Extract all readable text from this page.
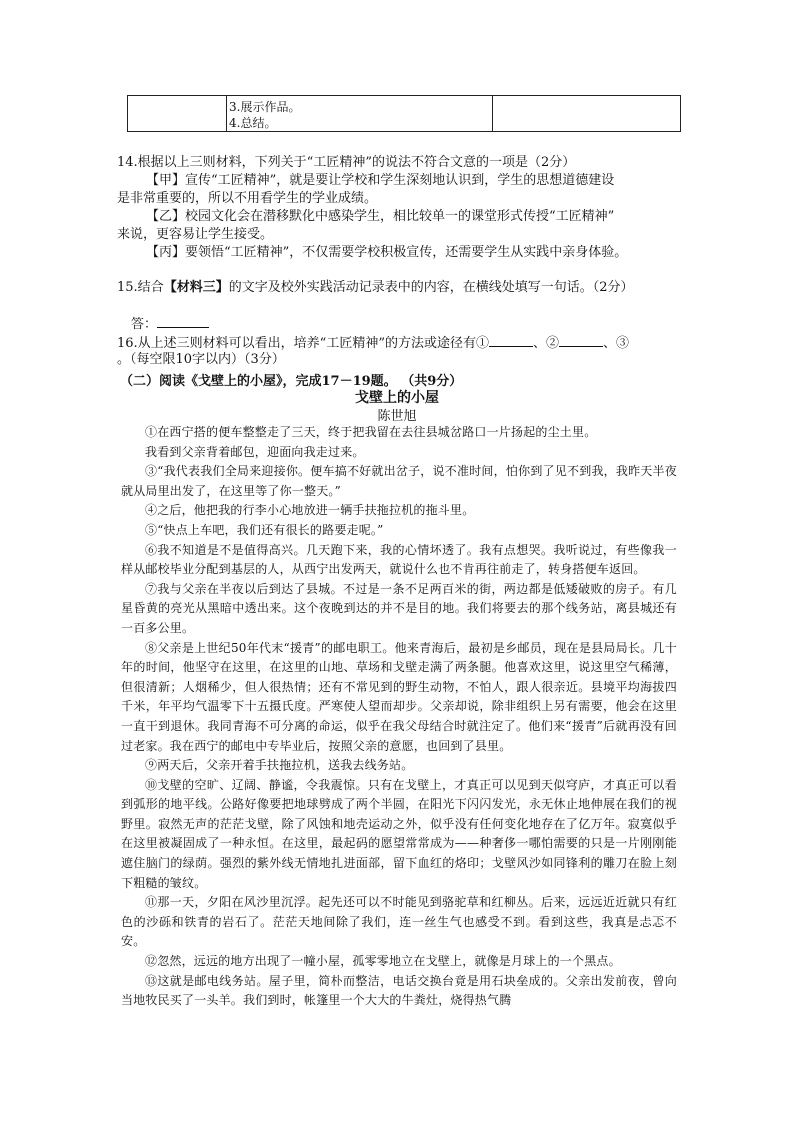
3.展示作品。
4.总结。
14.根据以上三则材料，下列关于“工匠精神”的说法不符合文意的一项是（2分）
【甲】宣传“工匠精神”，就是要让学校和学生深刻地认识到，学生的思想道德建设
是非常重要的，所以不用看学生的学业成绩。
【乙】校园文化会在潜移默化中感染学生，相比较单一的课堂形式传授“工匠精神”
来说，更容易让学生接受。
【丙】要领悟“工匠精神”，不仅需要学校积极宣传，还需要学生从实践中亲身体验。
15.结合【材料三】的文字及校外实践活动记录表中的内容，在横线处填写一句话。（2分）
答：
16.从上述三则材料可以看出，培养“工匠精神”的方法或途径有①	、②	、③
。（每空限10字以内）（3分）
（二）阅读《戈壁上的小屋》，完成17－19题。 （共9分）
戈壁上的小屋
陈世旭

①在西宁搭的便车整整走了三天，终于把我留在去往县城岔路口一片扬起的尘土里。

我看到父亲背着邮包，迎面向我走过来。

③“我代表我们全局来迎接你。便车搞不好就出岔子，说不准时间，怕你到了见不到我，我昨天半夜就从局里出发了，在这里等了你一整天。”

④之后，他把我的行李小心地放进一辆手扶拖拉机的拖斗里。

⑤“快点上车吧，我们还有很长的路要走呢。”

⑥我不知道是不是值得高兴。几天跑下来，我的心情坏透了。我有点想哭。我听说过，有些像我一样从邮校毕业分配到基层的人，从西宁出发两天，就说什么也不肯再往前走了，转身搭便车返回。

⑦我与父亲在半夜以后到达了县城。不过是一条不足两百米的街，两边都是低矮破败的房子。有几星昏黄的亮光从黑暗中透出来。这个夜晚到达的并不是目的地。我们将要去的那个线务站，离县城还有一百多公里。

⑧父亲是上世纪50年代末“援青”的邮电职工。他来青海后，最初是乡邮员，现在是县局局长。几十年的时间，他坚守在这里，在这里的山地、草场和戈壁走满了两条腿。他喜欢这里，说这里空气稀薄，但很清新；人烟稀少，但人很热情；还有不常见到的野生动物，不怕人，跟人很亲近。县境平均海拔四千米，年平均气温零下十五摄氏度。严寒使人望而却步。父亲却说，除非组织上另有需要，他会在这里一直干到退休。我同青海不可分离的命运，似乎在我父母结合时就注定了。他们来“援青”后就再没有回过老家。我在西宁的邮电中专毕业后，按照父亲的意愿，也回到了县里。

⑨两天后，父亲开着手扶拖拉机，送我去线务站。

⑩戈壁的空旷、辽阔、静谧，令我震惊。只有在戈壁上，才真正可以见到天似穹庐，才真正可以看到弧形的地平线。公路好像要把地球劈成了两个半圆，在阳光下闪闪发光，永无休止地伸展在我们的视野里。寂然无声的茫茫戈壁，除了风蚀和地壳运动之外，似乎没有任何变化地存在了亿万年。寂寞似乎在这里被凝固成了一种永恒。在这里，最起码的愿望常常成为——种奢侈一哪怕需要的只是一片刚刚能遮住脑门的绿荫。强烈的紫外线无情地扎进面部，留下血红的烙印；戈壁风沙如同锋利的雕刀在脸上刻下粗糙的皱纹。

⑪那一天，夕阳在风沙里沉浮。起先还可以不时能见到骆驼草和红柳丛。后来，远远近近就只有红色的沙砾和铁青的岩石了。茫茫天地间除了我们，连一丝生气也感受不到。看到这些，我真是忐忑不安。

⑫忽然，远远的地方出现了一幢小屋，孤零零地立在戈壁上，就像是月球上的一个黑点。

⑬这就是邮电线务站。屋子里，简朴而整洁，电话交换台竟是用石块垒成的。父亲出发前夜，曾向当地牧民买了一头羊。我们到时，帐篷里一个大大的牛粪灶，烧得热气腾
